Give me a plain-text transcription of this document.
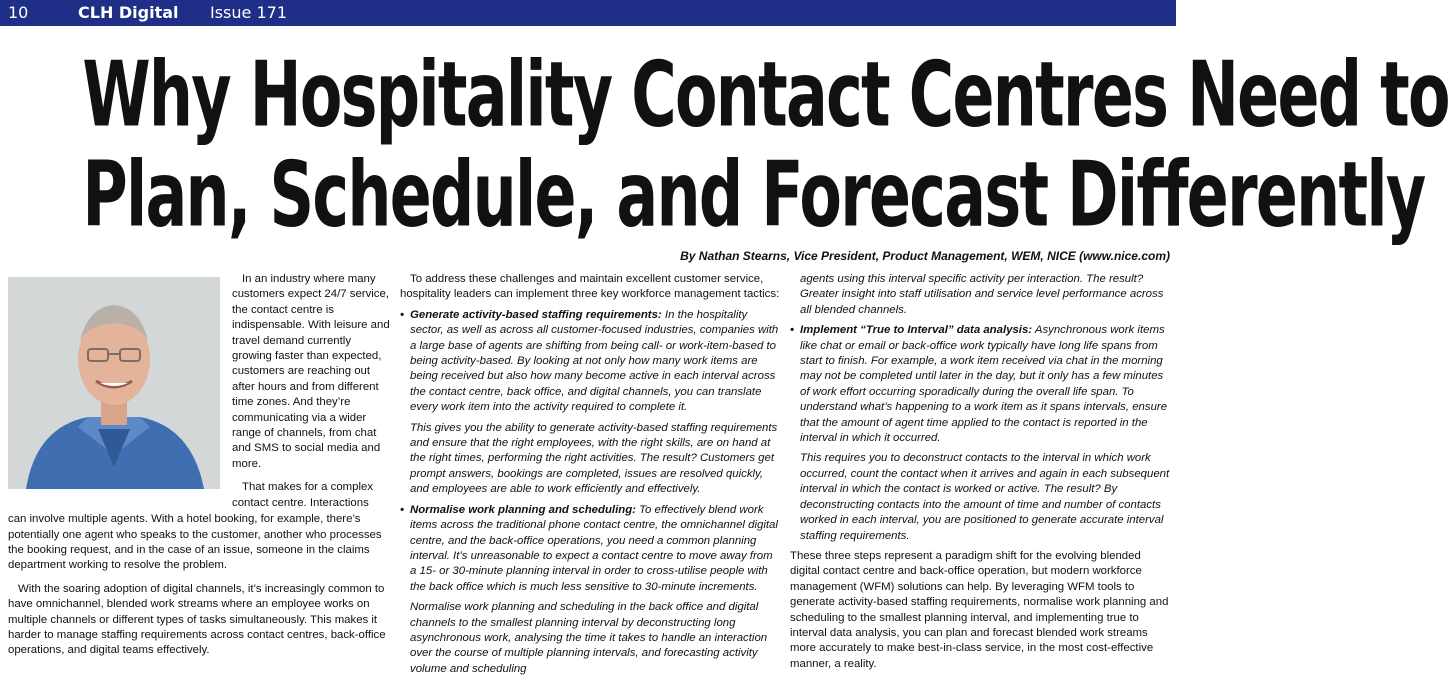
10	CLH Digital Issue 171
Why Hospitality Contact Centres Need to
Plan, Schedule, and Forecast Differently
By Nathan Stearns, Vice President, Product Management, WEM, NICE (www.nice.com)

In an industry where many customers expect 24/7 service, the contact centre is indispensable. With leisure and travel demand currently growing faster than expected, customers are reaching out after hours and from different time zones. And they’re communicating via a wider range of channels, from chat and SMS to social media and more.

That makes for a complex contact centre. Interactions

can involve multiple agents. With a hotel booking, for example, there’s potentially one agent who speaks to the customer, another who processes the booking request, and in the case of an issue, someone in the claims department working to resolve the problem.

With the soaring adoption of digital channels, it’s increasingly common to have omnichannel, blended work streams where an employee works on multiple channels or different types of tasks simultaneously. This makes it harder to manage staffing requirements across contact centres, back-office operations, and digital teams effectively.

To address these challenges and maintain excellent customer service, hospitality leaders can implement three key workforce management tactics:

• Generate activity-based staffing requirements: In the hospitality sector, as well as across all customer-focused industries, companies with a large base of agents are shifting from being call- or work-item-based to being activity-based. By looking at not only how many work items are being received but also how many become active in each interval across the contact centre, back office, and digital channels, you can translate every work item into the activity required to complete it.

This gives you the ability to generate activity-based staffing requirements and ensure that the right employees, with the right skills, are on hand at the right times, performing the right activities. The result? Customers get prompt answers, bookings are completed, issues are resolved quickly, and employees are able to work efficiently and effectively.

• Normalise work planning and scheduling: To effectively blend work items across the traditional phone contact centre, the omnichannel digital centre, and the back-office operations, you need a common planning interval. It’s unreasonable to expect a contact centre to move away from a 15- or 30-minute planning interval in order to cross-utilise people with the back office which is much less sensitive to 30-minute increments.

Normalise work planning and scheduling in the back office and digital channels to the smallest planning interval by deconstructing long asynchronous work, analysing the time it takes to handle an interaction over the course of multiple planning intervals, and forecasting activity volume and scheduling

agents using this interval specific activity per interaction. The result? Greater insight into staff utilisation and service level performance across all blended channels.

• Implement “True to Interval” data analysis: Asynchronous work items like chat or email or back-office work typically have long life spans from start to finish. For example, a work item received via chat in the morning may not be completed until later in the day, but it only has a few minutes of work effort occurring sporadically during the overall life span. To understand what’s happening to a work item as it spans intervals, ensure that the amount of agent time applied to the contact is reported in the interval in which it occurred.

This requires you to deconstruct contacts to the interval in which work occurred, count the contact when it arrives and again in each subsequent interval in which the contact is worked or active. The result? By deconstructing contacts into the amount of time and number of contacts worked in each interval, you are positioned to generate accurate interval staffing requirements.

These three steps represent a paradigm shift for the evolving blended digital contact centre and back-office operation, but modern workforce management (WFM) solutions can help. By leveraging WFM tools to generate activity-based staffing requirements, normalise work planning and scheduling to the smallest planning interval, and implementing true to interval data analysis, you can plan and forecast blended work streams more accurately to make best-in-class service, in the most cost-effective manner, a reality.
